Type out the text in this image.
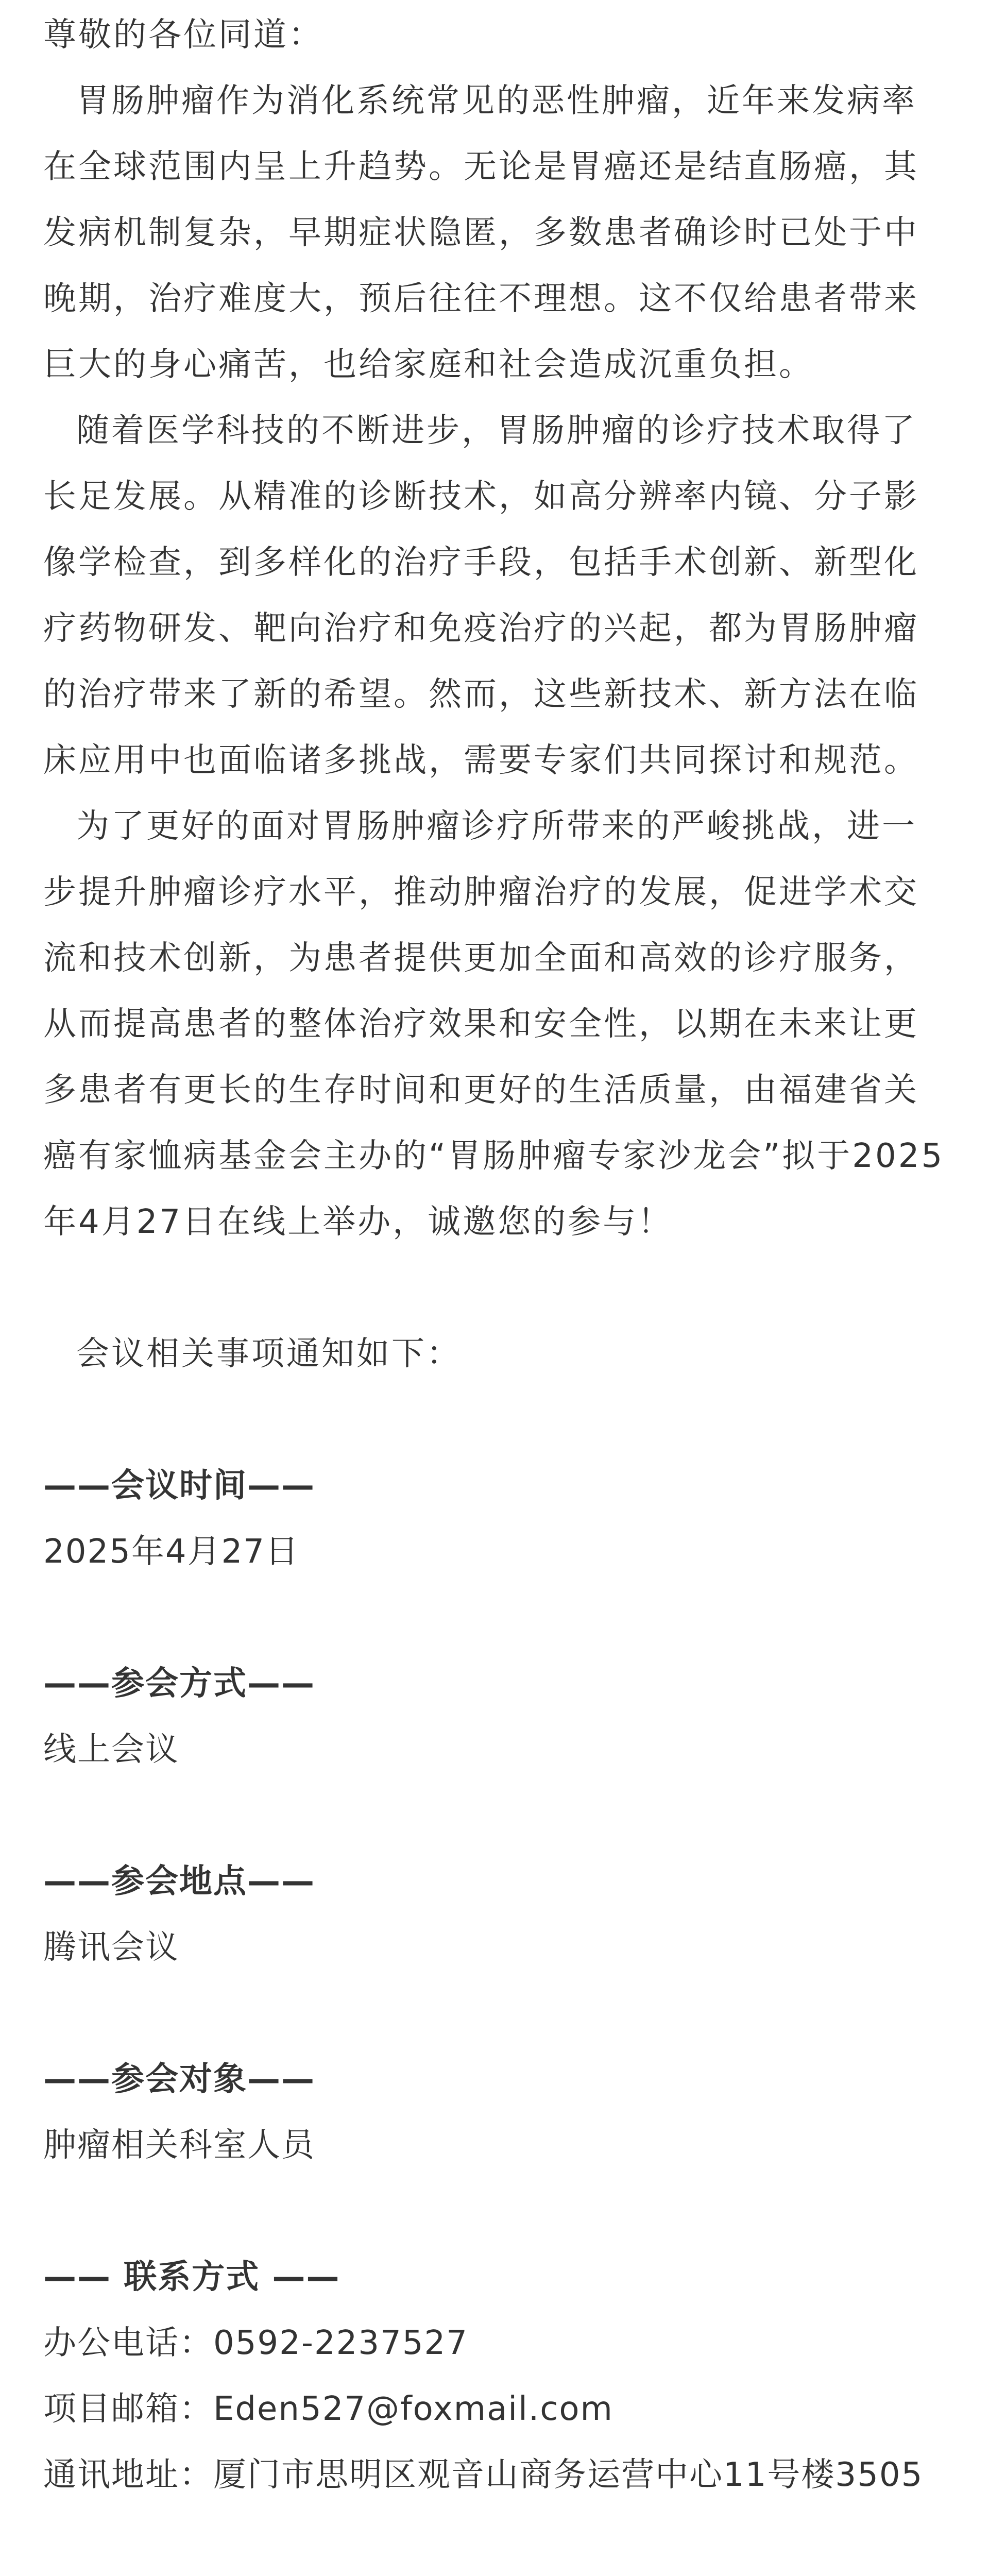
尊敬的各位同道：

胃肠肿瘤作为消化系统常见的恶性肿瘤，近年来发病率在全球范围内呈上升趋势。无论是胃癌还是结直肠癌，其发病机制复杂，早期症状隐匿，多数患者确诊时已处于中晚期，治疗难度大，预后往往不理想。这不仅给患者带来巨大的身心痛苦，也给家庭和社会造成沉重负担。

随着医学科技的不断进步，胃肠肿瘤的诊疗技术取得了长足发展。从精准的诊断技术，如高分辨率内镜、分子影像学检查，到多样化的治疗手段，包括手术创新、新型化疗药物研发、靶向治疗和免疫治疗的兴起，都为胃肠肿瘤的治疗带来了新的希望。然而，这些新技术、新方法在临床应用中也面临诸多挑战，需要专家们共同探讨和规范。

为了更好的面对胃肠肿瘤诊疗所带来的严峻挑战，进一步提升肿瘤诊疗水平，推动肿瘤治疗的发展，促进学术交流和技术创新，为患者提供更加全面和高效的诊疗服务，从而提高患者的整体治疗效果和安全性，以期在未来让更多患者有更长的生存时间和更好的生活质量，由福建省关癌有家恤病基金会主办的“胃肠肿瘤专家沙龙会”拟于2025年4月27日在线上举办，诚邀您的参与！

会议相关事项通知如下：

——会议时间——

2025年4月27日

——参会方式——

线上会议

——参会地点——

腾讯会议

——参会对象——

肿瘤相关科室人员

—— 联系方式 ——

办公电话：0592-2237527

项目邮箱：Eden527@foxmail.com

通讯地址：厦门市思明区观音山商务运营中心11号楼3505
